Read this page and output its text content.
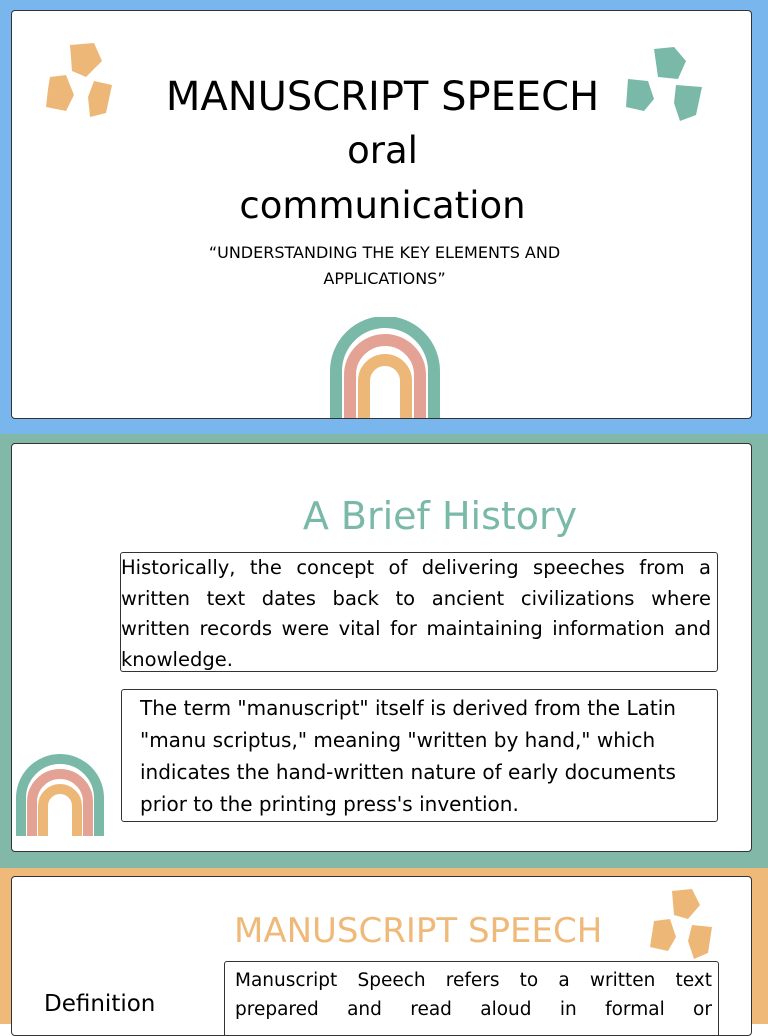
MANUSCRIPT SPEECH
oral
communication
“UNDERSTANDING THE KEY ELEMENTS AND APPLICATIONS”
A Brief History

Historically, the concept of delivering speeches from a written text dates back to ancient civilizations where written records were vital for maintaining information and knowledge.

The term "manuscript" itself is derived from the Latin "manu scriptus," meaning "written by hand," which indicates the hand-written nature of early documents prior to the printing press's invention.

MANUSCRIPT SPEECH
Definition

Manuscript Speech refers to a written text prepared and read aloud in formal or
